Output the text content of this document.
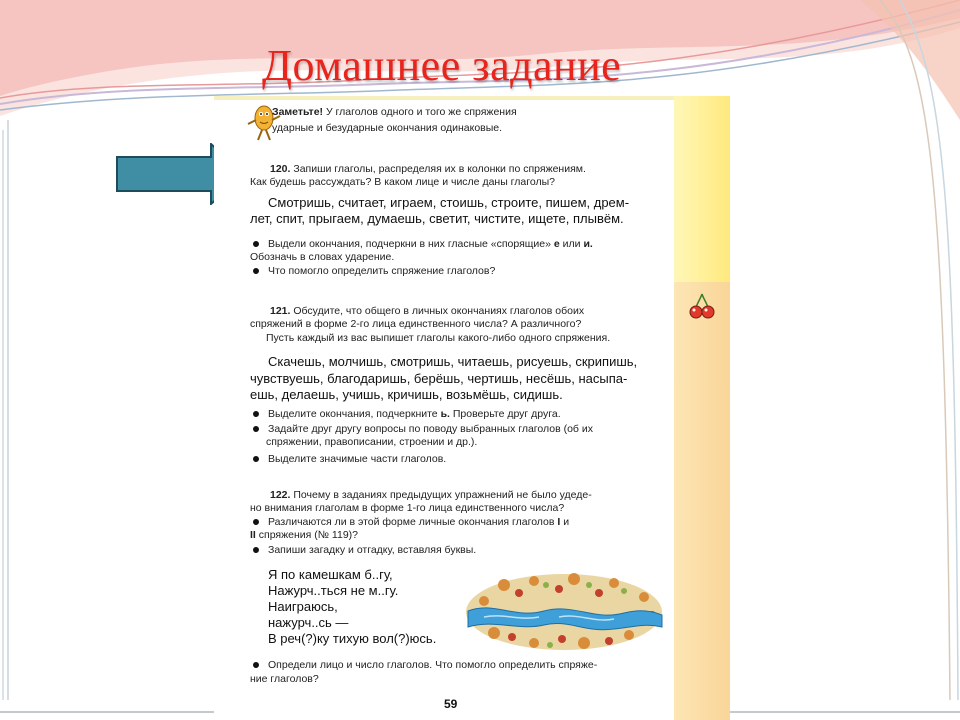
Домашнее задание
Заметьте! У глаголов одного и того же спряжения
ударные и безударные окончания одинаковые.
120. Запиши глаголы, распределяя их в колонки по спряжениям.
Как будешь рассуждать? В каком лице и числе даны глаголы?
Смотришь, считает, играем, стоишь, строите, пишем, дрем-
лет, спит, прыгаем, думаешь, светит, чистите, ищете, плывём.
Выдели окончания, подчеркни в них гласные «спорящие» е или и.
Обозначь в словах ударение.
Что помогло определить спряжение глаголов?
121. Обсудите, что общего в личных окончаниях глаголов обоих
спряжений в форме 2-го лица единственного числа? А различного?
Пусть каждый из вас выпишет глаголы какого-либо одного спряжения.
Скачешь, молчишь, смотришь, читаешь, рисуешь, скрипишь,
чувствуешь, благодаришь, берёшь, чертишь, несёшь, насыпа-
ешь, делаешь, учишь, кричишь, возьмёшь, сидишь.
Выделите окончания, подчеркните ь. Проверьте друг друга.
Задайте друг другу вопросы по поводу выбранных глаголов (об их
спряжении, правописании, строении и др.).
Выделите значимые части глаголов.
122. Почему в заданиях предыдущих упражнений не было удеде-
но внимания глаголам в форме 1-го лица единственного числа?
Различаются ли в этой форме личные окончания глаголов I и
II спряжения (№ 119)?
Запиши загадку и отгадку, вставляя буквы.
Я по камешкам б..гу,
Нажурч..ться не м..гу.
Наиграюсь,
нажурч..сь —
В реч(?)ку тихую вол(?)юсь.
Определи лицо и число глаголов. Что помогло определить спряже-
ние глаголов?
59
